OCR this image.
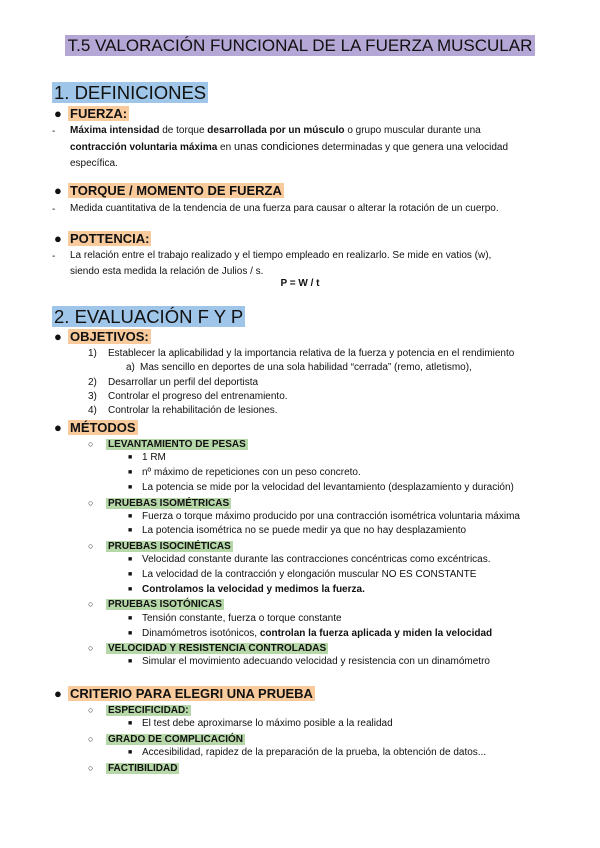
T.5 VALORACIÓN FUNCIONAL DE LA FUERZA MUSCULAR
1. DEFINICIONES
● FUERZA:
- Máxima intensidad de torque desarrollada por un músculo o grupo muscular durante una
contracción voluntaria máxima en unas condiciones determinadas y que genera una velocidad
específica.
● TORQUE / MOMENTO DE FUERZA
- Medida cuantitativa de la tendencia de una fuerza para causar o alterar la rotación de un cuerpo.
● POTTENCIA:
- La relación entre el trabajo realizado y el tiempo empleado en realizarlo. Se mide en vatios (w),
siendo esta medida la relación de Julios / s.
P = W / t
2. EVALUACIÓN F Y P
● OBJETIVOS:
1) Establecer la aplicabilidad y la importancia relativa de la fuerza y potencia en el rendimiento
a) Mas sencillo en deportes de una sola habilidad “cerrada” (remo, atletismo),
2) Desarrollar un perfil del deportista
3) Controlar el progreso del entrenamiento.
4) Controlar la rehabilitación de lesiones.
● MÉTODOS
○ LEVANTAMIENTO DE PESAS
■ 1 RM
■ nº máximo de repeticiones con un peso concreto.
■ La potencia se mide por la velocidad del levantamiento (desplazamiento y duración)
○ PRUEBAS ISOMÉTRICAS
■ Fuerza o torque máximo producido por una contracción isométrica voluntaria máxima
■ La potencia isométrica no se puede medir ya que no hay desplazamiento
○ PRUEBAS ISOCINÉTICAS
■ Velocidad constante durante las contracciones concéntricas como excéntricas.
■ La velocidad de la contracción y elongación muscular NO ES CONSTANTE
■ Controlamos la velocidad y medimos la fuerza.
○ PRUEBAS ISOTÓNICAS
■ Tensión constante, fuerza o torque constante
■ Dinamómetros isotónicos, controlan la fuerza aplicada y miden la velocidad
○ VELOCIDAD Y RESISTENCIA CONTROLADAS
■ Simular el movimiento adecuando velocidad y resistencia con un dinamómetro
● CRITERIO PARA ELEGRI UNA PRUEBA
○ ESPECIFICIDAD:
■ El test debe aproximarse lo máximo posible a la realidad
○ GRADO DE COMPLICACIÓN
■ Accesibilidad, rapidez de la preparación de la prueba, la obtención de datos...
○ FACTIBILIDAD
